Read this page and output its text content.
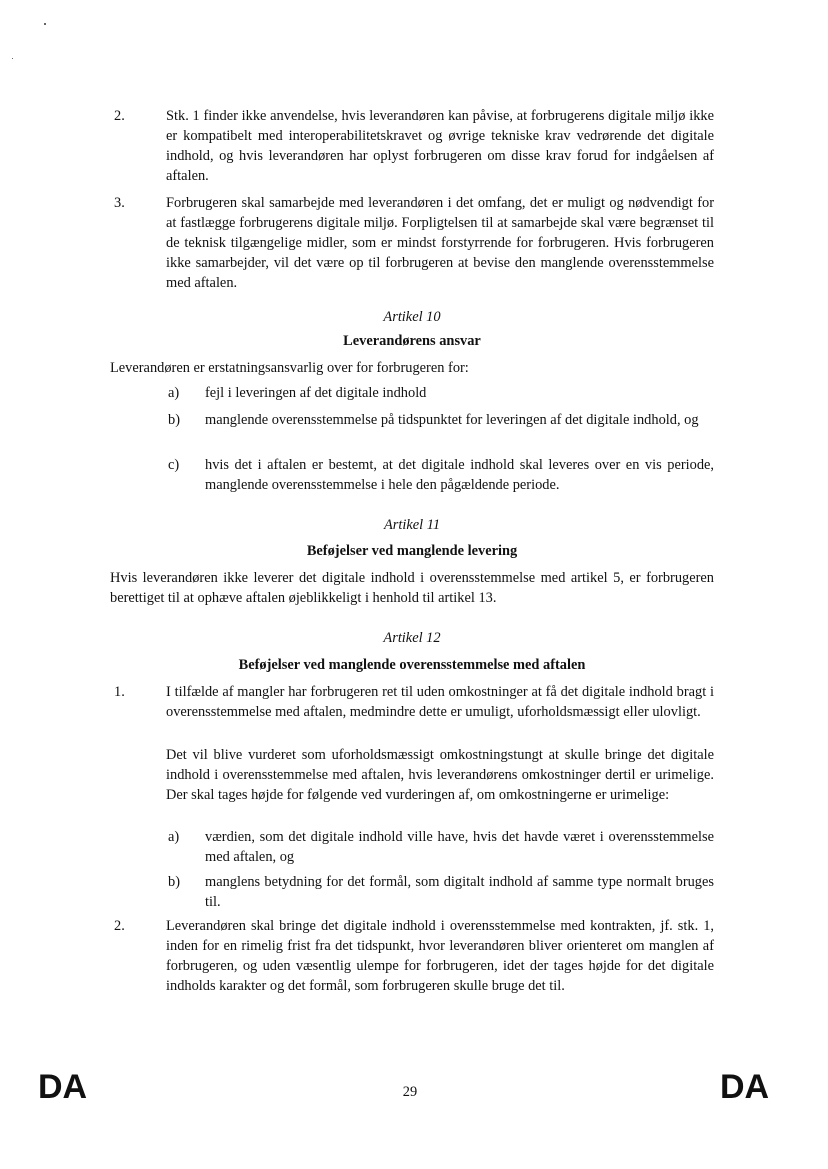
2.	Stk. 1 finder ikke anvendelse, hvis leverandøren kan påvise, at forbrugerens digitale miljø ikke er kompatibelt med interoperabilitetskravet og øvrige tekniske krav vedrørende det digitale indhold, og hvis leverandøren har oplyst forbrugeren om disse krav forud for indgåelsen af aftalen.

3.	Forbrugeren skal samarbejde med leverandøren i det omfang, det er muligt og nødvendigt for at fastlægge forbrugerens digitale miljø. Forpligtelsen til at samarbejde skal være begrænset til de teknisk tilgængelige midler, som er mindst forstyrrende for forbrugeren. Hvis forbrugeren ikke samarbejder, vil det være op til forbrugeren at bevise den manglende overensstemmelse med aftalen.

Artikel 10
Leverandørens ansvar

Leverandøren er erstatningsansvarlig over for forbrugeren for:

a) fejl i leveringen af det digitale indhold

b) manglende overensstemmelse på tidspunktet for leveringen af det digitale indhold, og

c) hvis det i aftalen er bestemt, at det digitale indhold skal leveres over en vis periode, manglende overensstemmelse i hele den pågældende periode.

Artikel 11
Beføjelser ved manglende levering

Hvis leverandøren ikke leverer det digitale indhold i overensstemmelse med artikel 5, er forbrugeren berettiget til at ophæve aftalen øjeblikkeligt i henhold til artikel 13.

Artikel 12
Beføjelser ved manglende overensstemmelse med aftalen
1.	I tilfælde af mangler har forbrugeren ret til uden omkostninger at få det digitale indhold bragt i overensstemmelse med aftalen, medmindre dette er umuligt, uforholdsmæssigt eller ulovligt.

Det vil blive vurderet som uforholdsmæssigt omkostningstungt at skulle bringe det digitale indhold i overensstemmelse med aftalen, hvis leverandørens omkostninger dertil er urimelige. Der skal tages højde for følgende ved vurderingen af, om omkostningerne er urimelige:

a) værdien, som det digitale indhold ville have, hvis det havde været i overensstemmelse med aftalen, og

b) manglens betydning for det formål, som digitalt indhold af samme type normalt bruges til.

2.	Leverandøren skal bringe det digitale indhold i overensstemmelse med kontrakten, jf. stk. 1, inden for en rimelig frist fra det tidspunkt, hvor leverandøren bliver orienteret om manglen af forbrugeren, og uden væsentlig ulempe for forbrugeren, idet der tages højde for det digitale indholds karakter og det formål, som forbrugeren skulle bruge det til.

DA	29	DA
